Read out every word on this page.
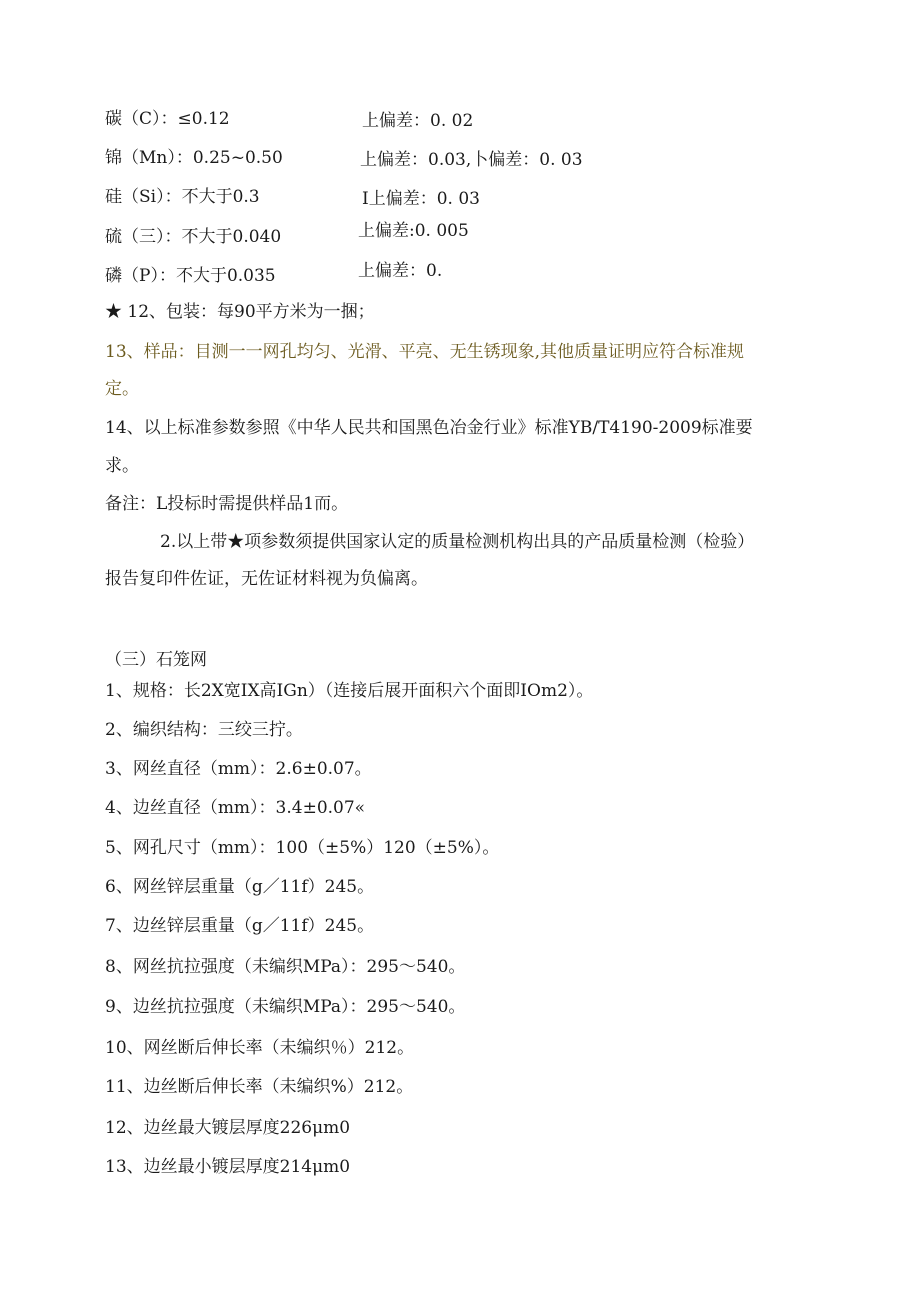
碳（C）：≤0.12	上偏差：0. 02
锦（Mn）：0.25~0.50	上偏差：0.03,卜偏差：0. 03
硅（Si）：不大于0.3	I上偏差：0. 03
硫（三）：不大于0.040	上偏差:0. 005
磷（P）：不大于0.035	上偏差：0.
★ 12、包装：每90平方米为一捆；
13、样品：目测一一网孔均匀、光滑、平亮、无生锈现象,其他质量证明应符合标准规
定。
14、以上标准参数参照《中华人民共和国黑色冶金行业》标准YB/T4190-2009标准要
求。
备注：L投标时需提供样品1而。
2.以上带★项参数须提供国家认定的质量检测机构出具的产品质量检测（检验）
报告复印件佐证，无佐证材料视为负偏离。
（三）石笼网
1、规格：长2X宽IX高IGn）（连接后展开面积六个面即IOm2）。
2、编织结构：三绞三拧。
3、网丝直径（mm）：2.6±0.07。
4、边丝直径（mm）：3.4±0.07«
5、网孔尺寸（mm）：100（±5%）120（±5%）。
6、网丝锌层重量（g／11f）245。
7、边丝锌层重量（g／11f）245。
8、网丝抗拉强度（未编织MPa）：295～540。
9、边丝抗拉强度（未编织MPa）：295～540。
10、网丝断后伸长率（未编织％）212。
11、边丝断后伸长率（未编织%）212。
12、边丝最大镀层厚度226μm0
13、边丝最小镀层厚度214μm0
